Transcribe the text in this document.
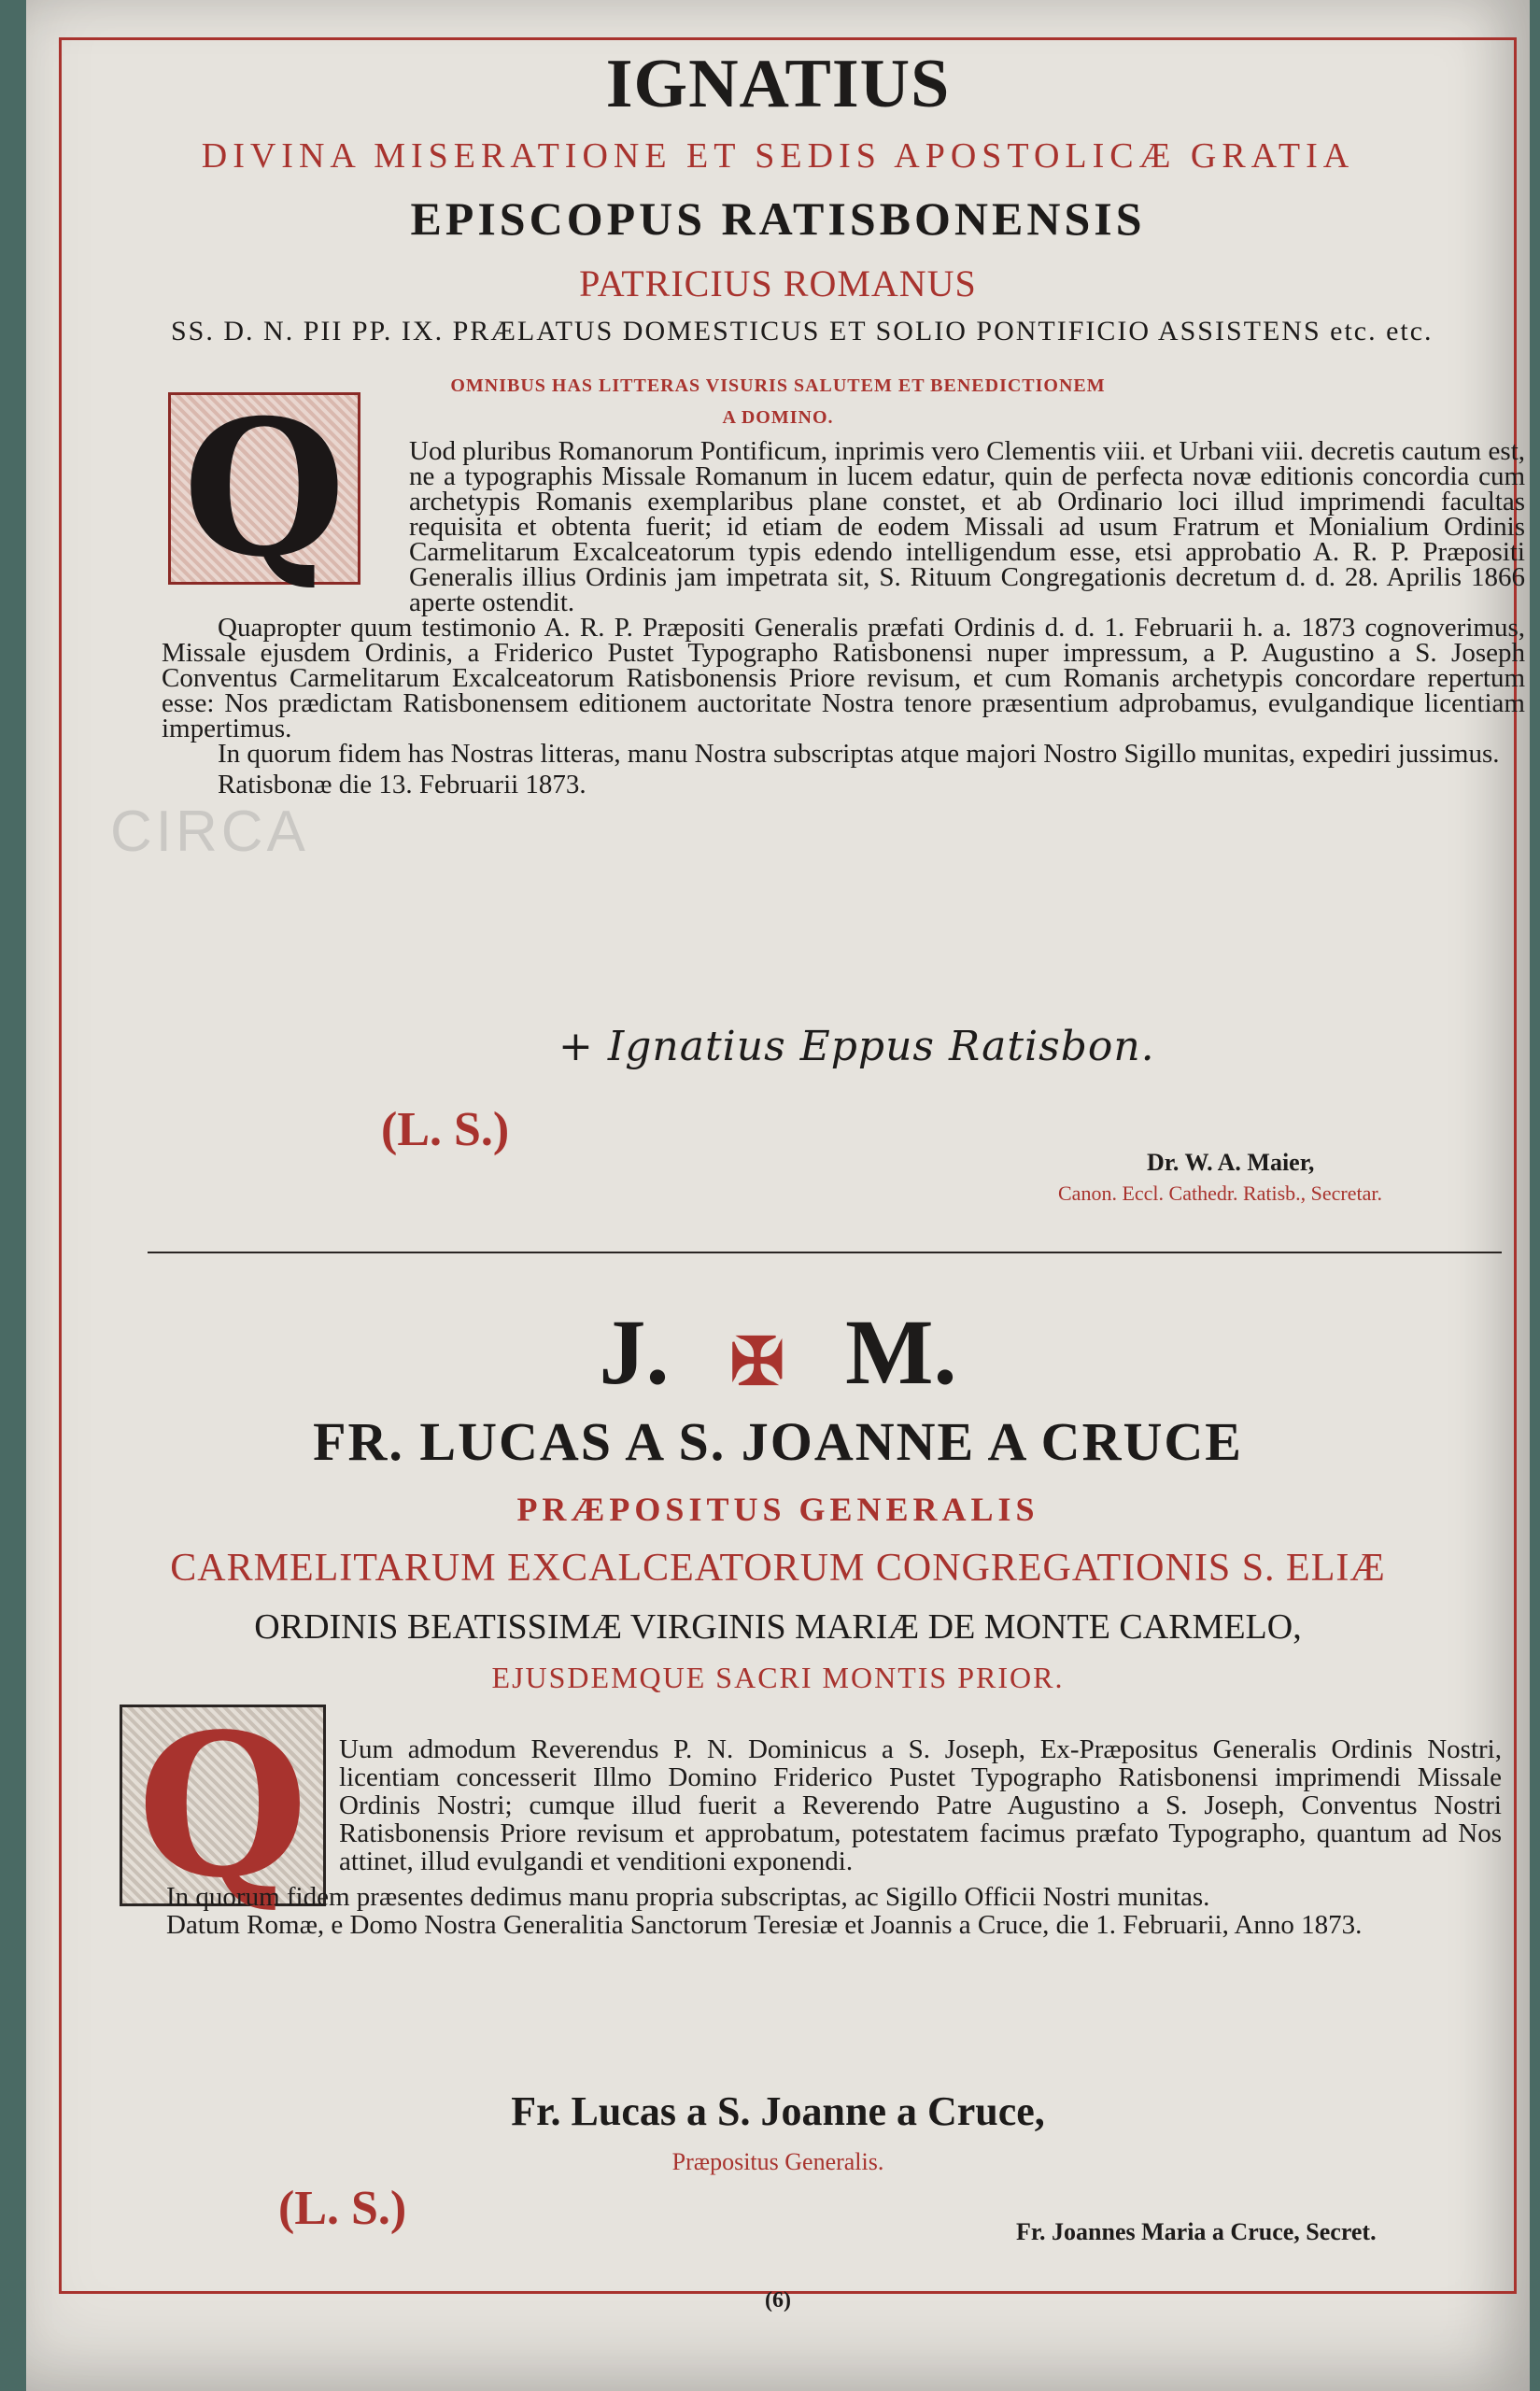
CIRCA
IGNATIUS
DIVINA MISERATIONE ET SEDIS APOSTOLICÆ GRATIA
EPISCOPUS RATISBONENSIS
PATRICIUS ROMANUS
SS. D. N. PII PP. IX. PRÆLATUS DOMESTICUS ET SOLIO PONTIFICIO ASSISTENS etc. etc.
OMNIBUS HAS LITTERAS VISURIS SALUTEM ET BENEDICTIONEM
A DOMINO.
Q	Uod pluribus Romanorum Pontificum, inprimis vero Clementis viii. et Urbani viii. decretis cautum est, ne a typographis Missale Romanum in lucem edatur, quin de perfecta novæ editionis concordia cum archetypis Romanis exemplaribus plane constet, et ab Ordinario loci illud imprimendi facultas requisita et obtenta fuerit; id etiam de eodem Missali ad usum Fratrum et Monialium Ordinis Carmelitarum Excalceatorum typis edendo intelligendum esse, etsi approbatio A. R. P. Præpositi Generalis illius Ordinis jam impetrata sit, S. Rituum Congregationis decretum d. d. 28. Aprilis 1866 aperte ostendit.

Quapropter quum testimonio A. R. P. Præpositi Generalis præfati Ordinis d. d. 1. Februarii h. a. 1873 cognoverimus, Missale ejusdem Ordinis, a Friderico Pustet Typographo Ratisbonensi nuper impressum, a P. Augustino a S. Joseph Conventus Carmelitarum Excalceatorum Ratisbonensis Priore revisum, et cum Romanis archetypis concordare repertum esse: Nos prædictam Ratisbonensem editionem auctoritate Nostra tenore præsentium adprobamus, evulgandique licentiam impertimus.

In quorum fidem has Nostras litteras, manu Nostra subscriptas atque majori Nostro Sigillo munitas, expediri jussimus.

Ratisbonæ die 13. Februarii 1873.

+ Ignatius Eppus Ratisbon.
(L. S.)
Dr. W. A. Maier,
Canon. Eccl. Cathedr. Ratisb., Secretar.
J. ✠ M.
FR. LUCAS A S. JOANNE A CRUCE
PRÆPOSITUS GENERALIS
CARMELITARUM EXCALCEATORUM CONGREGATIONIS S. ELIÆ
ORDINIS BEATISSIMÆ VIRGINIS MARIÆ DE MONTE CARMELO,
EJUSDEMQUE SACRI MONTIS PRIOR.
Q	Uum admodum Reverendus P. N. Dominicus a S. Joseph, Ex-Præpositus Generalis Ordinis Nostri, licentiam concesserit Illmo Domino Friderico Pustet Typographo Ratisbonensi imprimendi Missale Ordinis Nostri; cumque illud fuerit a Reverendo Patre Augustino a S. Joseph, Conventus Nostri Ratisbonensis Priore revisum et approbatum, potestatem facimus præfato Typographo, quantum ad Nos attinet, illud evulgandi et venditioni exponendi.

In quorum fidem præsentes dedimus manu propria subscriptas, ac Sigillo Officii Nostri munitas.

Datum Romæ, e Domo Nostra Generalitia Sanctorum Teresiæ et Joannis a Cruce, die 1. Februarii, Anno 1873.

Fr. Lucas a S. Joanne a Cruce,
Præpositus Generalis.
(L. S.)	Fr. Joannes Maria a Cruce, Secret.
(6)
